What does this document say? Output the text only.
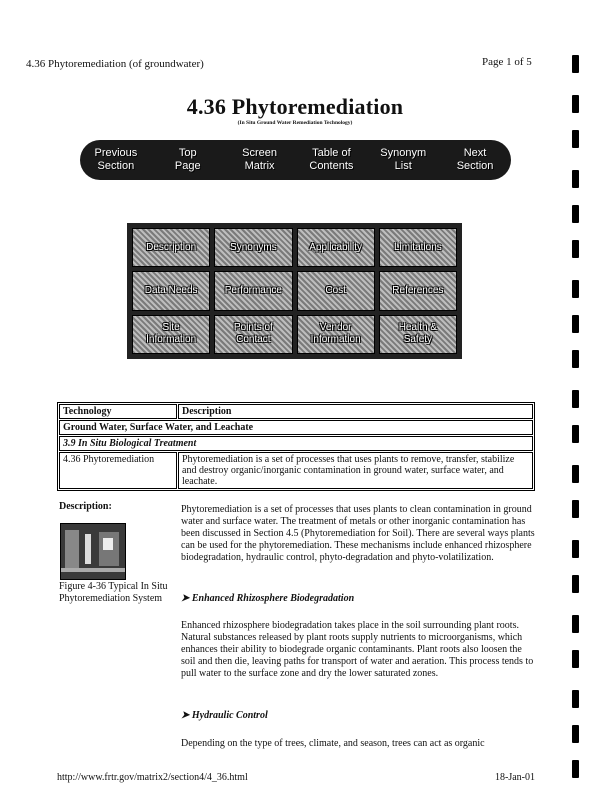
4.36 Phytoremediation (of groundwater)	Page 1 of 5
4.36 Phytoremediation
(In Situ Ground Water Remediation Technology)
Previous
Section
Top
Page
Screen
Matrix
Table of
Contents
Synonym
List
Next
Section
Description	Synonyms	Applicability	Limitations
Data Needs	Performance	Cost	References
Site
Information
Points of
Contact
Vendor
Information
Health &
Safety
Technology	Description
Ground Water, Surface Water, and Leachate	
3.9 In Situ Biological Treatment	
4.36 Phytoremediation	Phytoremediation is a set of processes that uses plants to remove, transfer, stabilize and destroy organic/inorganic contamination in ground water, surface water, and leachate.
Description:
Figure 4-36 Typical In Situ Phytoremediation System
Phytoremediation is a set of processes that uses plants to clean contamination in ground water and surface water. The treatment of metals or other inorganic contamination has been discussed in Section 4.5 (Phytoremediation for Soil). There are several ways plants can be used for the phytoremediation. These mechanisms include enhanced rhizosphere biodegradation, hydraulic control, phyto-degradation and phyto-volatilization.
➤ Enhanced Rhizosphere Biodegradation
Enhanced rhizosphere biodegradation takes place in the soil surrounding plant roots. Natural substances released by plant roots supply nutrients to microorganisms, which enhances their ability to biodegrade organic contaminants. Plant roots also loosen the soil and then die, leaving paths for transport of water and aeration. This process tends to pull water to the surface zone and dry the lower saturated zones.
➤ Hydraulic Control
Depending on the type of trees, climate, and season, trees can act as organic
http://www.frtr.gov/matrix2/section4/4_36.html	18-Jan-01
